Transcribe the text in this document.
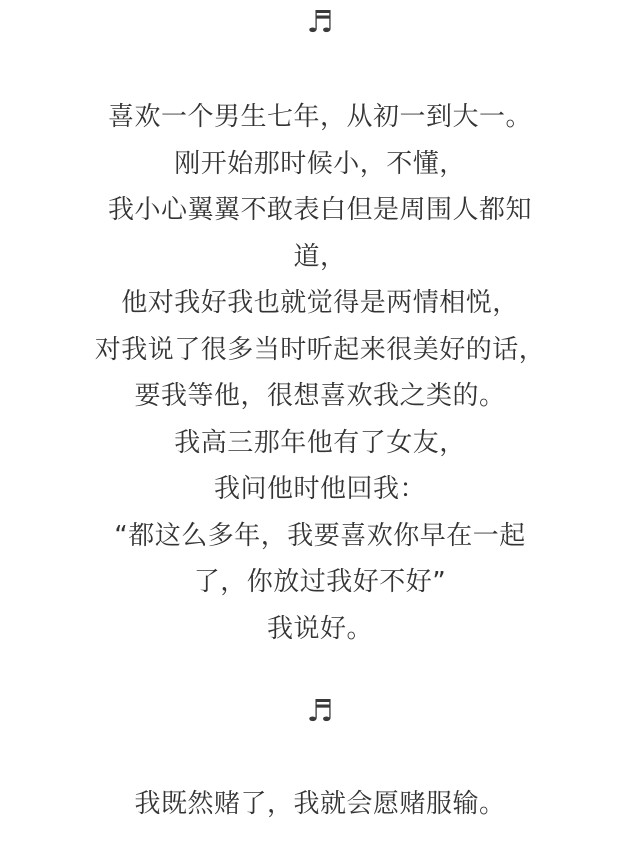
♬
喜欢一个男生七年，从初一到大一。
刚开始那时候小，不懂，
我小心翼翼不敢表白但是周围人都知
道，
他对我好我也就觉得是两情相悦，
对我说了很多当时听起来很美好的话，
要我等他，很想喜欢我之类的。
我高三那年他有了女友，
我问他时他回我：
“都这么多年，我要喜欢你早在一起
了，你放过我好不好”
我说好。
♬
我既然赌了，我就会愿赌服输。
